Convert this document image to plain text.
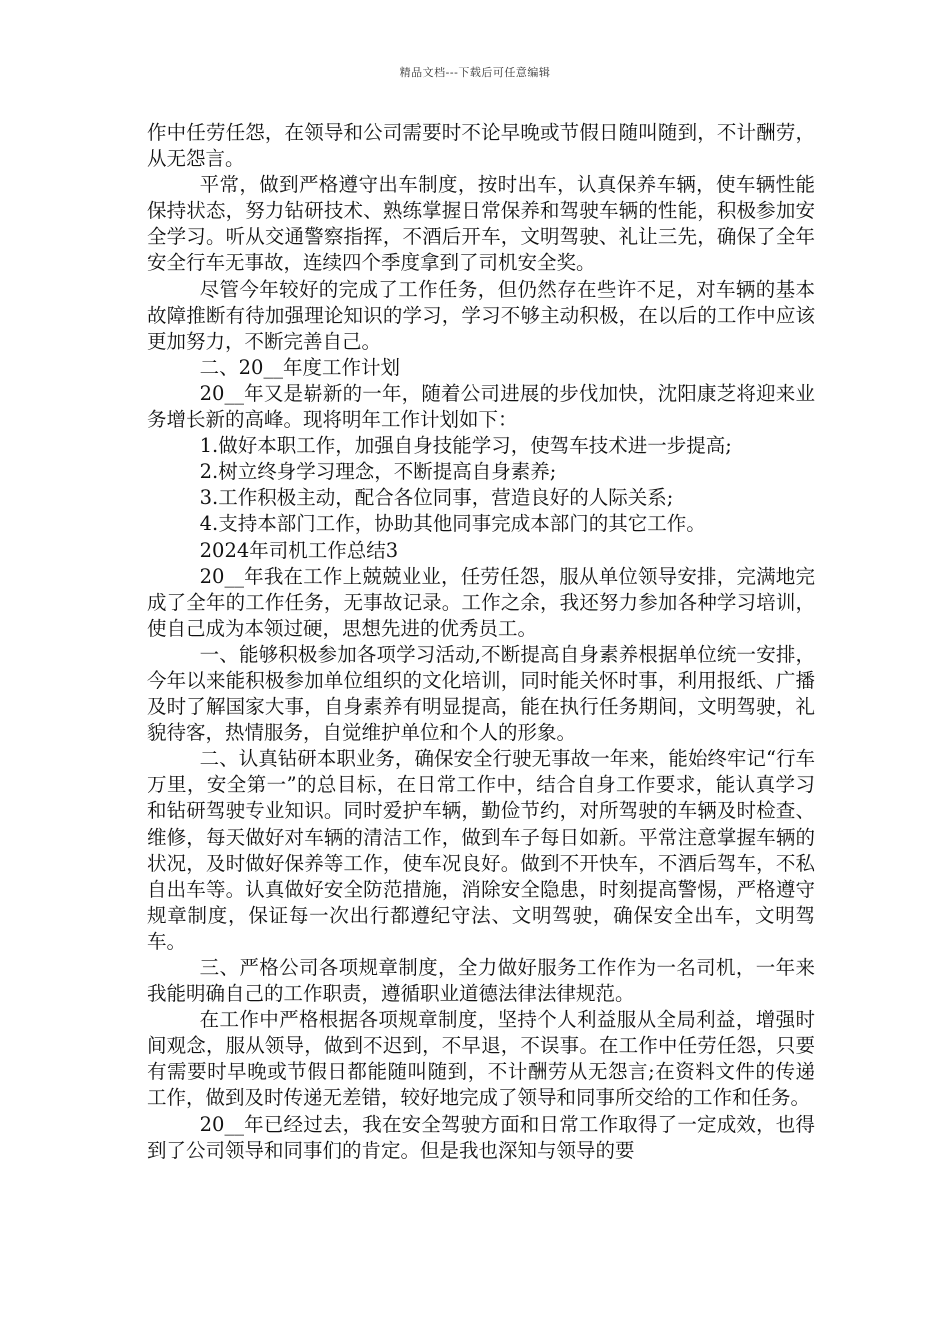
精品文档---下载后可任意编辑

作中任劳任怨，在领导和公司需要时不论早晚或节假日随叫随到，不计酬劳，从无怨言。

平常，做到严格遵守出车制度，按时出车，认真保养车辆，使车辆性能保持状态，努力钻研技术、熟练掌握日常保养和驾驶车辆的性能，积极参加安全学习。听从交通警察指挥，不酒后开车，文明驾驶、礼让三先，确保了全年安全行车无事故，连续四个季度拿到了司机安全奖。

尽管今年较好的完成了工作任务，但仍然存在些许不足，对车辆的基本故障推断有待加强理论知识的学习，学习不够主动积极，在以后的工作中应该更加努力，不断完善自己。

二、20__年度工作计划

20__年又是崭新的一年，随着公司进展的步伐加快，沈阳康芝将迎来业务增长新的高峰。现将明年工作计划如下：

1.做好本职工作，加强自身技能学习，使驾车技术进一步提高;

2.树立终身学习理念，不断提高自身素养;

3.工作积极主动，配合各位同事，营造良好的人际关系;

4.支持本部门工作，协助其他同事完成本部门的其它工作。

2024年司机工作总结3

20__年我在工作上兢兢业业，任劳任怨，服从单位领导安排，完满地完成了全年的工作任务，无事故记录。工作之余，我还努力参加各种学习培训，使自己成为本领过硬，思想先进的优秀员工。

一、能够积极参加各项学习活动,不断提高自身素养根据单位统一安排，今年以来能积极参加单位组织的文化培训，同时能关怀时事，利用报纸、广播及时了解国家大事，自身素养有明显提高，能在执行任务期间，文明驾驶，礼貌待客，热情服务，自觉维护单位和个人的形象。

二、认真钻研本职业务，确保安全行驶无事故一年来，能始终牢记“行车万里，安全第一”的总目标，在日常工作中，结合自身工作要求，能认真学习和钻研驾驶专业知识。同时爱护车辆，勤俭节约，对所驾驶的车辆及时检查、维修，每天做好对车辆的清洁工作，做到车子每日如新。平常注意掌握车辆的状况，及时做好保养等工作，使车况良好。做到不开快车，不酒后驾车，不私自出车等。认真做好安全防范措施，消除安全隐患，时刻提高警惕，严格遵守规章制度，保证每一次出行都遵纪守法、文明驾驶，确保安全出车，文明驾车。

三、严格公司各项规章制度，全力做好服务工作作为一名司机，一年来我能明确自己的工作职责，遵循职业道德法律法律规范。

在工作中严格根据各项规章制度，坚持个人利益服从全局利益，增强时间观念，服从领导，做到不迟到，不早退，不误事。在工作中任劳任怨，只要有需要时早晚或节假日都能随叫随到，不计酬劳从无怨言;在资料文件的传递工作，做到及时传递无差错，较好地完成了领导和同事所交给的工作和任务。

20__年已经过去，我在安全驾驶方面和日常工作取得了一定成效，也得到了公司领导和同事们的肯定。但是我也深知与领导的要
